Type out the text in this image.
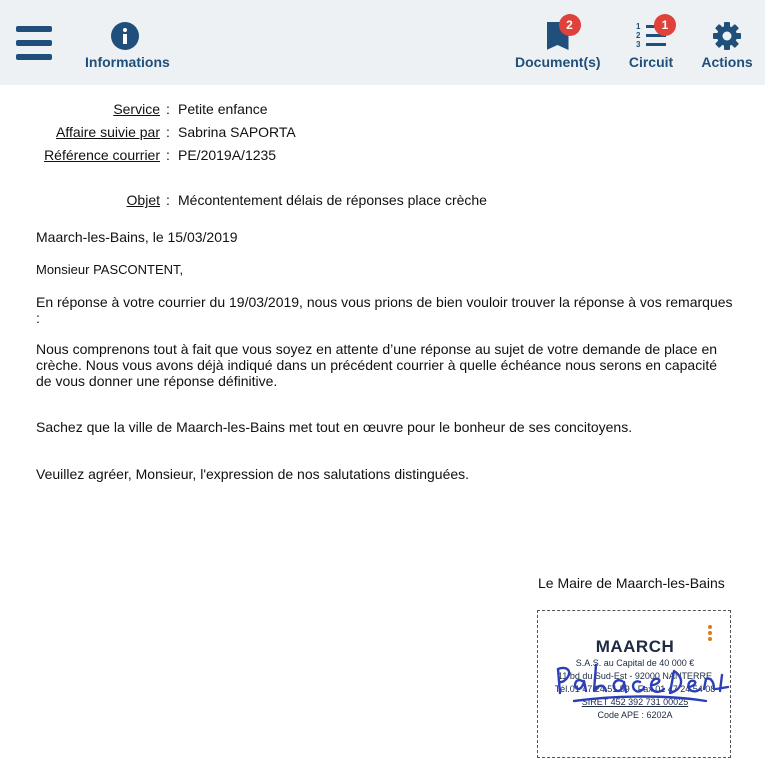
Informations
2
Document(s)
1
2
3
1
Circuit Actions
Service : Petite enfance
Affaire suivie par : Sabrina SAPORTA
Référence courrier : PE/2019A/1235
Objet : Mécontentement délais de réponses place crèche
Maarch-les-Bains, le 15/03/2019
Monsieur PASCONTENT,
En réponse à votre courrier du 19/03/2019, nous vous prions de bien vouloir trouver la réponse à vos remarques :
Nous comprenons tout à fait que vous soyez en attente d’une réponse au sujet de votre demande de place en crèche. Nous vous avons déjà indiqué dans un précédent courrier à quelle échéance nous serons en capacité de vous donner une réponse définitive.
Sachez que la ville de Maarch-les-Bains met tout en œuvre pour le bonheur de ses concitoyens.
Veuillez agréer, Monsieur, l'expression de nos salutations distinguées.
Le Maire de Maarch-les-Bains
MAARCH
S.A.S. au Capital de 40 000 €
11 bd du Sud-Est - 92000 NANTERRE
Tél.01 47 24 51 59 - Fax 01 47 24 54 08
SIRET 452 392 731 00025
Code APE : 6202A
